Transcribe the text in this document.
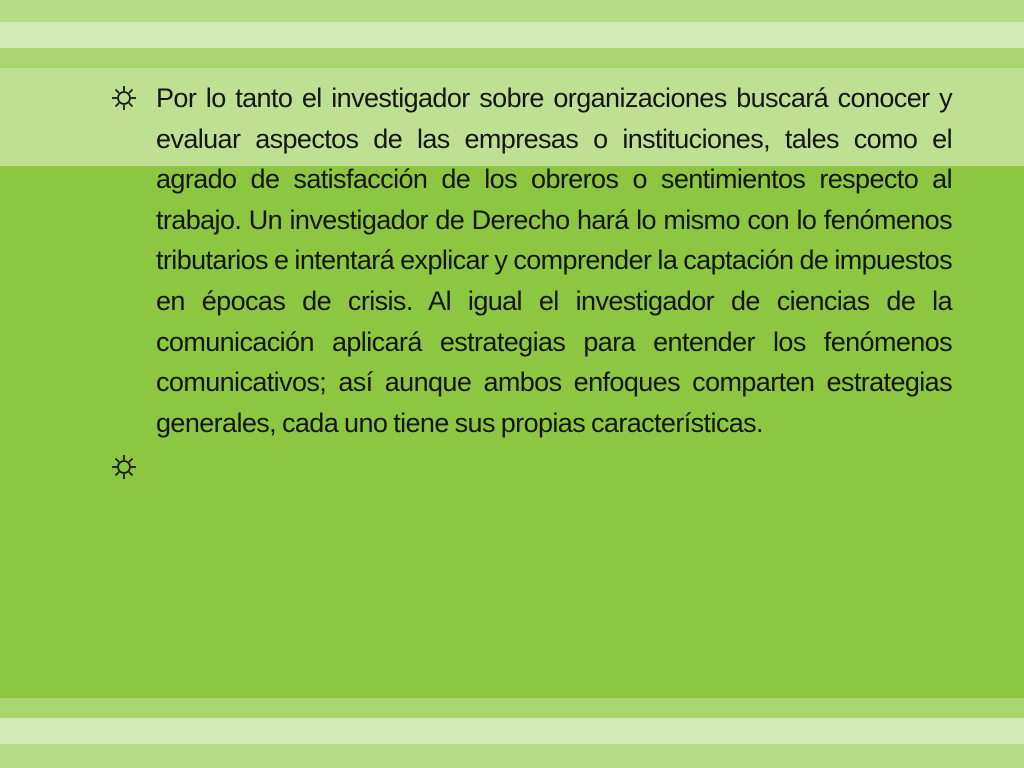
Por lo tanto el investigador sobre organizaciones buscará conocer y evaluar aspectos de las empresas o instituciones, tales como el agrado de satisfacción de los obreros o sentimientos respecto al trabajo. Un investigador de Derecho hará lo mismo con lo fenómenos tributarios e intentará explicar y comprender la captación de impuestos en épocas de crisis. Al igual el investigador de ciencias de la comunicación aplicará estrategias para entender los fenómenos comunicativos; así aunque ambos enfoques comparten estrategias generales, cada uno tiene sus propias características.
